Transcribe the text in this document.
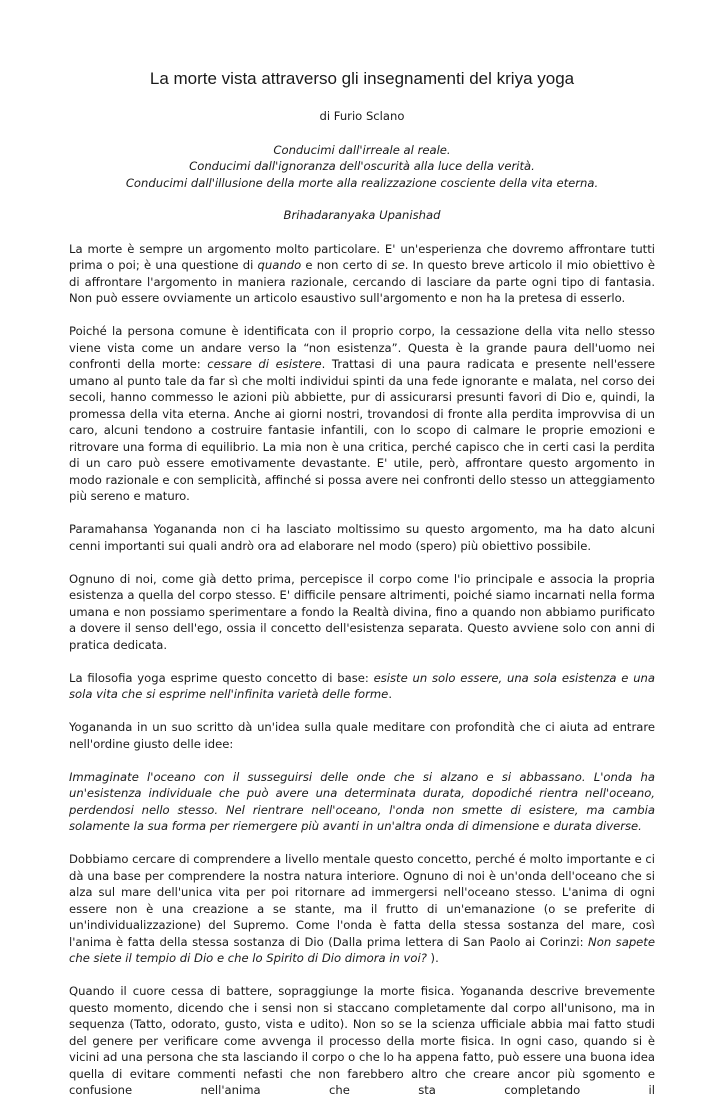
La morte vista attraverso gli insegnamenti del kriya yoga
di Furio Sclano
Conducimi dall'irreale al reale.
Conducimi dall'ignoranza dell'oscurità alla luce della verità.
Conducimi dall'illusione della morte alla realizzazione cosciente della vita eterna.
Brihadaranyaka Upanishad

La morte è sempre un argomento molto particolare. E' un'esperienza che dovremo affrontare tutti prima o poi; è una questione di quando e non certo di se. In questo breve articolo il mio obiettivo è di affrontare l'argomento in maniera razionale, cercando di lasciare da parte ogni tipo di fantasia. Non può essere ovviamente un articolo esaustivo sull'argomento e non ha la pretesa di esserlo.

Poiché la persona comune è identificata con il proprio corpo, la cessazione della vita nello stesso viene vista come un andare verso la “non esistenza”. Questa è la grande paura dell'uomo nei confronti della morte: cessare di esistere. Trattasi di una paura radicata e presente nell'essere umano al punto tale da far sì che molti individui spinti da una fede ignorante e malata, nel corso dei secoli, hanno commesso le azioni più abbiette, pur di assicurarsi presunti favori di Dio e, quindi, la promessa della vita eterna. Anche ai giorni nostri, trovandosi di fronte alla perdita improvvisa di un caro, alcuni tendono a costruire fantasie infantili, con lo scopo di calmare le proprie emozioni e ritrovare una forma di equilibrio. La mia non è una critica, perché capisco che in certi casi la perdita di un caro può essere emotivamente devastante. E' utile, però, affrontare questo argomento in modo razionale e con semplicità, affinché si possa avere nei confronti dello stesso un atteggiamento più sereno e maturo.

Paramahansa Yogananda non ci ha lasciato moltissimo su questo argomento, ma ha dato alcuni cenni importanti sui quali andrò ora ad elaborare nel modo (spero) più obiettivo possibile.

Ognuno di noi, come già detto prima, percepisce il corpo come l'io principale e associa la propria esistenza a quella del corpo stesso. E' difficile pensare altrimenti, poiché siamo incarnati nella forma umana e non possiamo sperimentare a fondo la Realtà divina, fino a quando non abbiamo purificato a dovere il senso dell'ego, ossia il concetto dell'esistenza separata. Questo avviene solo con anni di pratica dedicata.

La filosofia yoga esprime questo concetto di base: esiste un solo essere, una sola esistenza e una sola vita che si esprime nell'infinita varietà delle forme.

Yogananda in un suo scritto dà un'idea sulla quale meditare con profondità che ci aiuta ad entrare nell'ordine giusto delle idee:

Immaginate l'oceano con il susseguirsi delle onde che si alzano e si abbassano. L'onda ha un'esistenza individuale che può avere una determinata durata, dopodiché rientra nell'oceano, perdendosi nello stesso. Nel rientrare nell'oceano, l'onda non smette di esistere, ma cambia solamente la sua forma per riemergere più avanti in un'altra onda di dimensione e durata diverse.

Dobbiamo cercare di comprendere a livello mentale questo concetto, perché é molto importante e ci dà una base per comprendere la nostra natura interiore. Ognuno di noi è un'onda dell'oceano che si alza sul mare dell'unica vita per poi ritornare ad immergersi nell'oceano stesso. L'anima di ogni essere non è una creazione a se stante, ma il frutto di un'emanazione (o se preferite di un'individualizzazione) del Supremo. Come l'onda è fatta della stessa sostanza del mare, così l'anima è fatta della stessa sostanza di Dio (Dalla prima lettera di San Paolo ai Corinzi: Non sapete che siete il tempio di Dio e che lo Spirito di Dio dimora in voi? ).

Quando il cuore cessa di battere, sopraggiunge la morte fisica. Yogananda descrive brevemente questo momento, dicendo che i sensi non si staccano completamente dal corpo all'unisono, ma in sequenza (Tatto, odorato, gusto, vista e udito). Non so se la scienza ufficiale abbia mai fatto studi del genere per verificare come avvenga il processo della morte fisica. In ogni caso, quando si è vicini ad una persona che sta lasciando il corpo o che lo ha appena fatto, può essere una buona idea quella di evitare commenti nefasti che non farebbero altro che creare ancor più sgomento e confusione nell'anima che sta completando il
